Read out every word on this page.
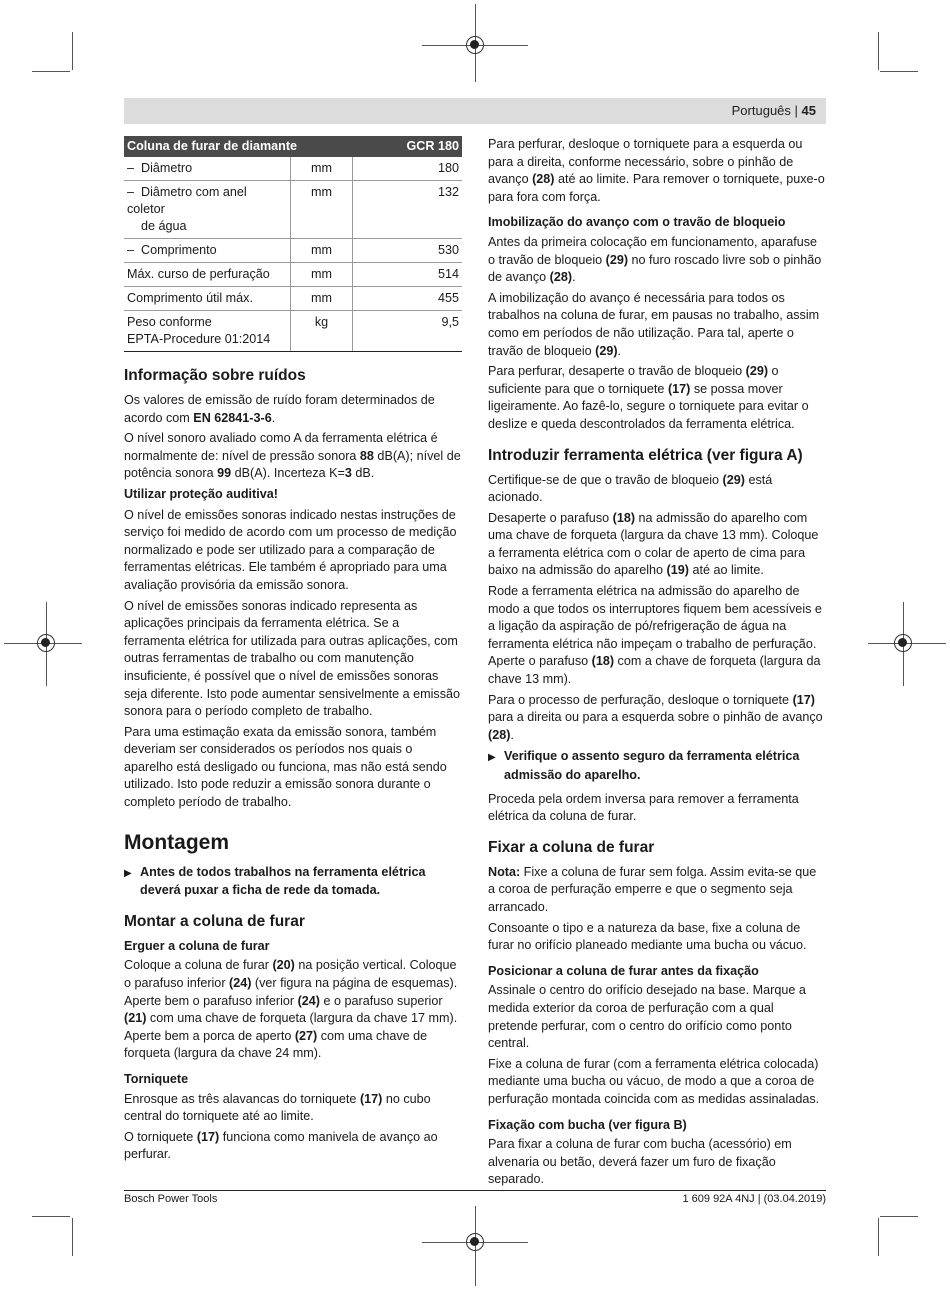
Português | 45
Coluna de furar de diamante		GCR 180
– Diâmetro	mm	180
– Diâmetro com anel coletor
de água	mm	132
– Comprimento	mm	530
Máx. curso de perfuração	mm	514
Comprimento útil máx.	mm	455
Peso conforme
EPTA-Procedure 01:2014	kg	9,5
Informação sobre ruídos

Os valores de emissão de ruído foram determinados de acordo com EN 62841-3-6.

O nível sonoro avaliado como A da ferramenta elétrica é normalmente de: nível de pressão sonora 88 dB(A); nível de potência sonora 99 dB(A). Incerteza K=3 dB.

Utilizar proteção auditiva!

O nível de emissões sonoras indicado nestas instruções de serviço foi medido de acordo com um processo de medição normalizado e pode ser utilizado para a comparação de ferramentas elétricas. Ele também é apropriado para uma avaliação provisória da emissão sonora.

O nível de emissões sonoras indicado representa as aplicações principais da ferramenta elétrica. Se a ferramenta elétrica for utilizada para outras aplicações, com outras ferramentas de trabalho ou com manutenção insuficiente, é possível que o nível de emissões sonoras seja diferente. Isto pode aumentar sensivelmente a emissão sonora para o período completo de trabalho.

Para uma estimação exata da emissão sonora, também deveriam ser considerados os períodos nos quais o aparelho está desligado ou funciona, mas não está sendo utilizado. Isto pode reduzir a emissão sonora durante o completo período de trabalho.

Montagem
▶ Antes de todos trabalhos na ferramenta elétrica deverá puxar a ficha de rede da tomada.
Montar a coluna de furar
Erguer a coluna de furar

Coloque a coluna de furar (20) na posição vertical. Coloque o parafuso inferior (24) (ver figura na página de esquemas). Aperte bem o parafuso inferior (24) e o parafuso superior (21) com uma chave de forquetа (largura da chave 17 mm). Aperte bem a porca de aperto (27) com uma chave de forqueta (largura da chave 24 mm).

Torniquete

Enrosque as três alavancas do torniquete (17) no cubo central do torniquete até ao limite.

O torniquete (17) funciona como manivela de avanço ao perfurar.

Para perfurar, desloque o torniquete para a esquerda ou para a direita, conforme necessário, sobre o pinhão de avanço (28) até ao limite. Para remover o torniquete, puxe-o para fora com força.

Imobilização do avanço com o travão de bloqueio

Antes da primeira colocação em funcionamento, aparafuse o travão de bloqueio (29) no furo roscado livre sob o pinhão de avanço (28).

A imobilização do avanço é necessária para todos os trabalhos na coluna de furar, em pausas no trabalho, assim como em períodos de não utilização. Para tal, aperte o travão de bloqueio (29).

Para perfurar, desaperte o travão de bloqueio (29) o suficiente para que o torniquete (17) se possa mover ligeiramente. Ao fazê-lo, segure o torniquete para evitar o deslize e queda descontrolados da ferramenta elétrica.

Introduzir ferramenta elétrica (ver figura A)

Certifique-se de que o travão de bloqueio (29) está acionado.

Desaperte o parafuso (18) na admissão do aparelho com uma chave de forqueta (largura da chave 13 mm). Coloque a ferramenta elétrica com o colar de aperto de cima para baixo na admissão do aparelho (19) até ao limite.

Rode a ferramenta elétrica na admissão do aparelho de modo a que todos os interruptores fiquem bem acessíveis e a ligação da aspiração de pó/refrigeração de água na ferramenta elétrica não impeçam o trabalho de perfuração. Aperte o parafuso (18) com a chave de forqueta (largura da chave 13 mm).

Para o processo de perfuração, desloque o torniquete (17) para a direita ou para a esquerda sobre o pinhão de avanço (28).

▶ Verifique o assento seguro da ferramenta elétrica admissão do aparelho.

Proceda pela ordem inversa para remover a ferramenta elétrica da coluna de furar.

Fixar a coluna de furar

Nota: Fixe a coluna de furar sem folga. Assim evita-se que a coroa de perfuração emperre e que o segmento seja arrancado.

Consoante o tipo e a natureza da base, fixe a coluna de furar no orifício planeado mediante uma bucha ou vácuo.

Posicionar a coluna de furar antes da fixação

Assinale o centro do orifício desejado na base. Marque a medida exterior da coroa de perfuração com a qual pretende perfurar, com o centro do orifício como ponto central.

Fixe a coluna de furar (com a ferramenta elétrica colocada) mediante uma bucha ou vácuo, de modo a que a coroa de perfuração montada coincida com as medidas assinaladas.

Fixação com bucha (ver figura B)

Para fixar a coluna de furar com bucha (acessório) em alvenaria ou betão, deverá fazer um furo de fixação separado.

Bosch Power Tools	1 609 92A 4NJ | (03.04.2019)
